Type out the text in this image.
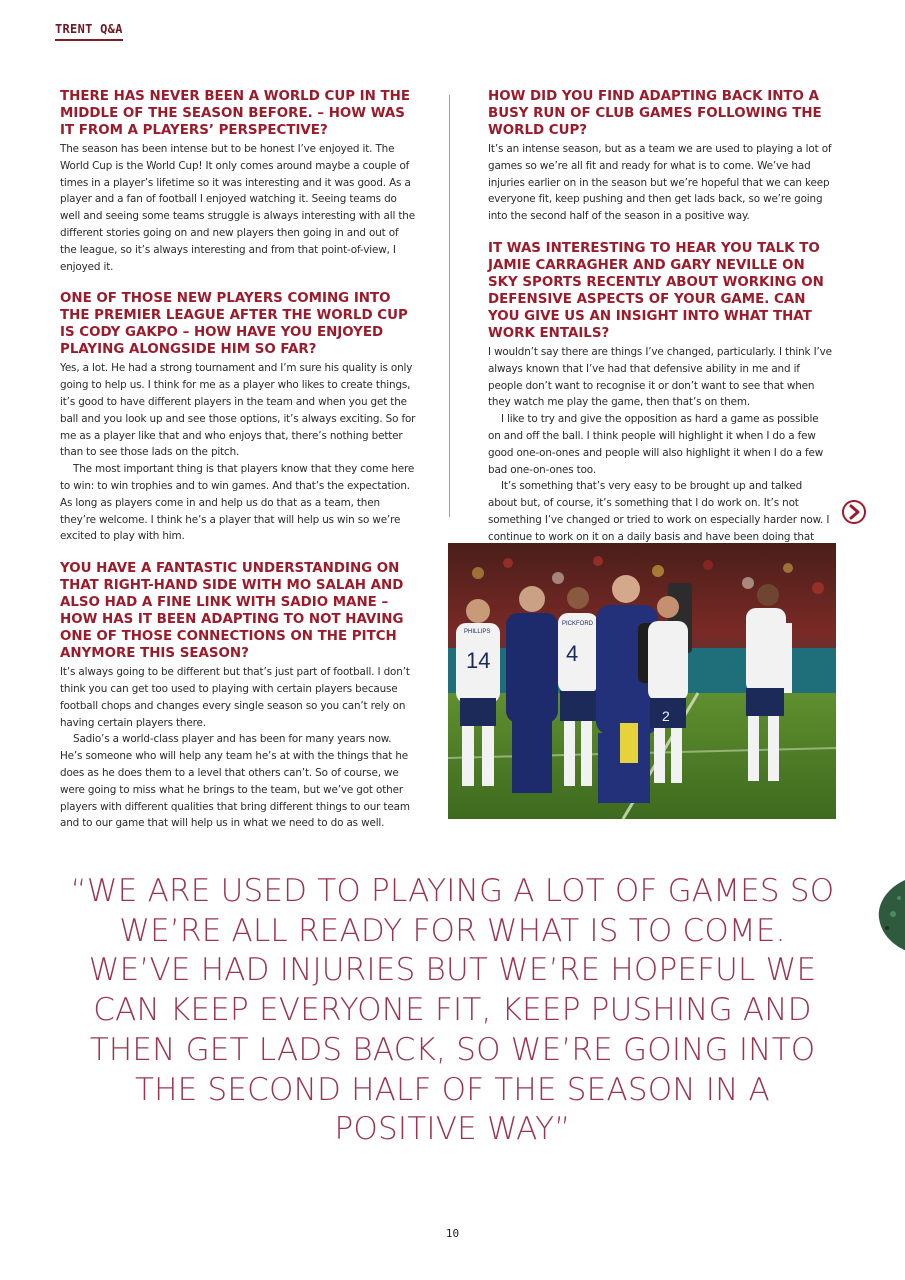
TRENT Q&A
THERE HAS NEVER BEEN A WORLD CUP IN THE MIDDLE OF THE SEASON BEFORE. – HOW WAS IT FROM A PLAYERS’ PERSPECTIVE?

The season has been intense but to be honest I’ve enjoyed it. The World Cup is the World Cup! It only comes around maybe a couple of times in a player’s lifetime so it was interesting and it was good. As a player and a fan of football I enjoyed watching it. Seeing teams do well and seeing some teams struggle is always interesting with all the different stories going on and new players then going in and out of the league, so it’s always interesting and from that point-of-view, I enjoyed it.

ONE OF THOSE NEW PLAYERS COMING INTO THE PREMIER LEAGUE AFTER THE WORLD CUP IS CODY GAKPO – HOW HAVE YOU ENJOYED PLAYING ALONGSIDE HIM SO FAR?

Yes, a lot. He had a strong tournament and I’m sure his quality is only going to help us. I think for me as a player who likes to create things, it’s good to have different players in the team and when you get the ball and you look up and see those options, it’s always exciting. So for me as a player like that and who enjoys that, there’s nothing better than to see those lads on the pitch.

The most important thing is that players know that they come here to win: to win trophies and to win games. And that’s the expectation. As long as players come in and help us do that as a team, then they’re welcome. I think he’s a player that will help us win so we’re excited to play with him.

YOU HAVE A FANTASTIC UNDERSTANDING ON THAT RIGHT-HAND SIDE WITH MO SALAH AND ALSO HAD A FINE LINK WITH SADIO MANE – HOW HAS IT BEEN ADAPTING TO NOT HAVING ONE OF THOSE CONNECTIONS ON THE PITCH ANYMORE THIS SEASON?

It’s always going to be different but that’s just part of football. I don’t think you can get too used to playing with certain players because football chops and changes every single season so you can’t rely on having certain players there.

Sadio’s a world-class player and has been for many years now. He’s someone who will help any team he’s at with the things that he does as he does them to a level that others can’t. So of course, we were going to miss what he brings to the team, but we’ve got other players with different qualities that bring different things to our team and to our game that will help us in what we need to do as well.

HOW DID YOU FIND ADAPTING BACK INTO A BUSY RUN OF CLUB GAMES FOLLOWING THE WORLD CUP?

It’s an intense season, but as a team we are used to playing a lot of games so we’re all fit and ready for what is to come. We’ve had injuries earlier on in the season but we’re hopeful that we can keep everyone fit, keep pushing and then get lads back, so we’re going into the second half of the season in a positive way.

IT WAS INTERESTING TO HEAR YOU TALK TO JAMIE CARRAGHER AND GARY NEVILLE ON SKY SPORTS RECENTLY ABOUT WORKING ON DEFENSIVE ASPECTS OF YOUR GAME. CAN YOU GIVE US AN INSIGHT INTO WHAT THAT WORK ENTAILS?

I wouldn’t say there are things I’ve changed, particularly. I think I’ve always known that I’ve had that defensive ability in me and if people don’t want to recognise it or don’t want to see that when they watch me play the game, then that’s on them.

I like to try and give the opposition as hard a game as possible on and off the ball. I think people will highlight it when I do a few good one-on-ones and people will also highlight it when I do a few bad one-on-ones too.

It’s something that’s very easy to be brought up and talked about but, of course, it’s something that I do work on. It’s not something I’ve changed or tried to work on especially harder now. I continue to work on it on a daily basis and have been doing that

14
PHILLIPS
4
PICKFORD
2
“WE ARE USED TO PLAYING A LOT OF GAMES SO WE’RE ALL READY FOR WHAT IS TO COME. WE’VE HAD INJURIES BUT WE’RE HOPEFUL WE CAN KEEP EVERYONE FIT, KEEP PUSHING AND THEN GET LADS BACK, SO WE’RE GOING INTO THE SECOND HALF OF THE SEASON IN A POSITIVE WAY”
10
